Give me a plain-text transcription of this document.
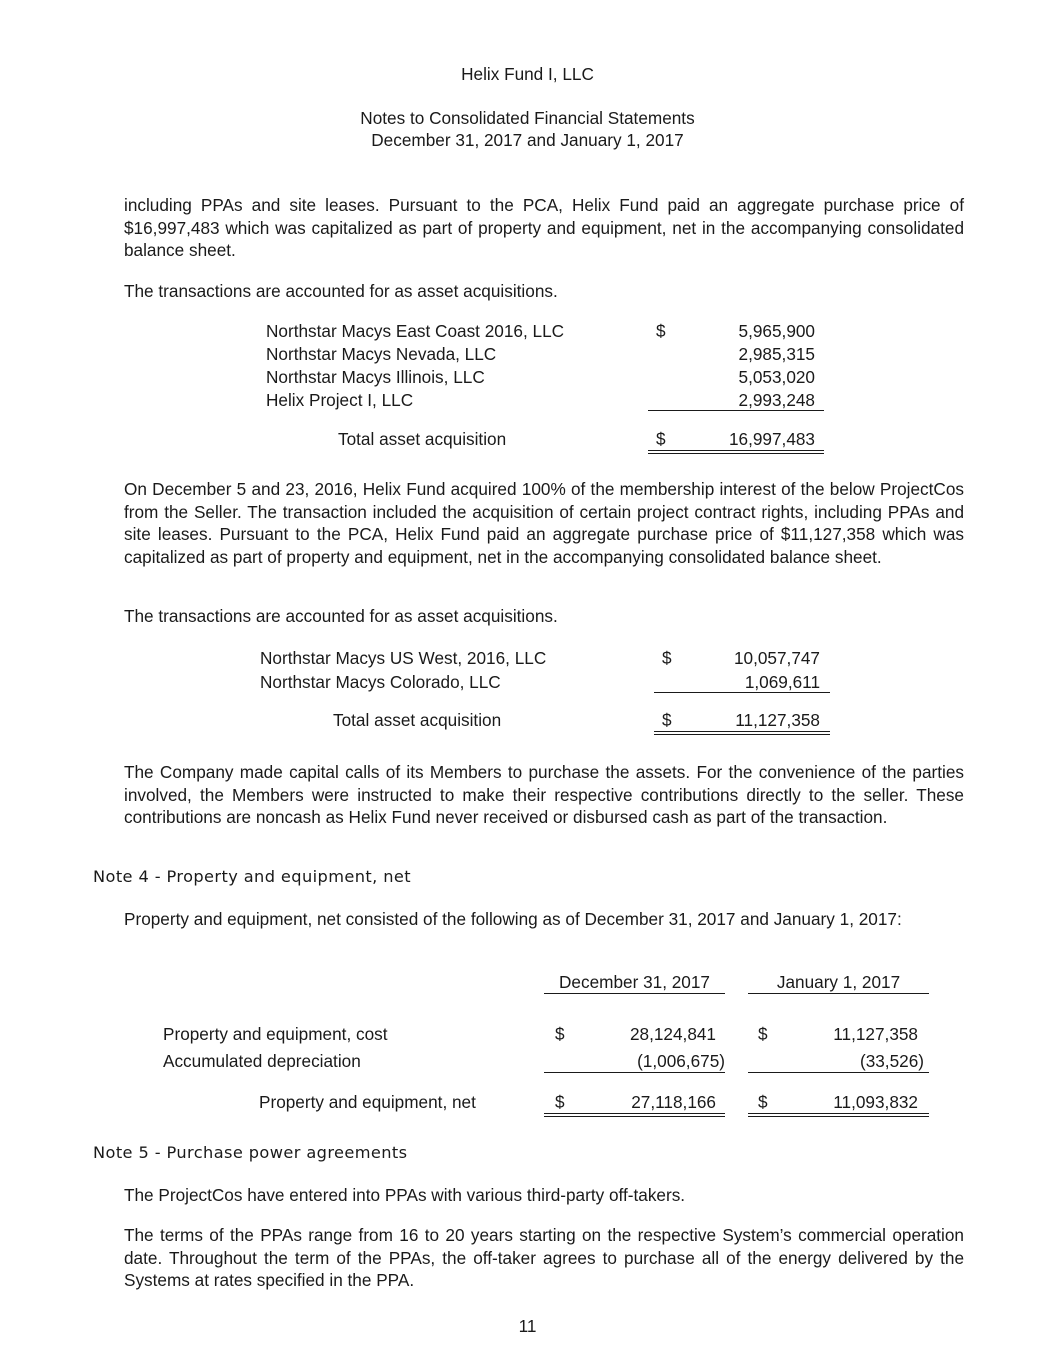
Helix Fund I, LLC
Notes to Consolidated Financial Statements
December 31, 2017 and January 1, 2017
including PPAs and site leases. Pursuant to the PCA, Helix Fund paid an aggregate purchase price of $16,997,483 which was capitalized as part of property and equipment, net in the accompanying consolidated balance sheet.
The transactions are accounted for as asset acquisitions.
Northstar Macys East Coast 2016, LLC	$	5,965,900
Northstar Macys Nevada, LLC	2,985,315
Northstar Macys Illinois, LLC	5,053,020
Helix Project I, LLC	2,993,248
Total asset acquisition	$	16,997,483
On December 5 and 23, 2016, Helix Fund acquired 100% of the membership interest of the below ProjectCos from the Seller. The transaction included the acquisition of certain project contract rights, including PPAs and site leases. Pursuant to the PCA, Helix Fund paid an aggregate purchase price of $11,127,358 which was capitalized as part of property and equipment, net in the accompanying consolidated balance sheet.
The transactions are accounted for as asset acquisitions.
Northstar Macys US West, 2016, LLC	$	10,057,747
Northstar Macys Colorado, LLC	1,069,611
Total asset acquisition	$	11,127,358
The Company made capital calls of its Members to purchase the assets. For the convenience of the parties involved, the Members were instructed to make their respective contributions directly to the seller. These contributions are noncash as Helix Fund never received or disbursed cash as part of the transaction.
Note 4 - Property and equipment, net
Property and equipment, net consisted of the following as of December 31, 2017 and January 1, 2017:
December 31, 2017	January 1, 2017
Property and equipment, cost	$	28,124,841 $	11,127,358
Accumulated depreciation	(1,006,675)	(33,526)
Property and equipment, net	$	27,118,166 $	11,093,832
Note 5 - Purchase power agreements
The ProjectCos have entered into PPAs with various third-party off-takers.
The terms of the PPAs range from 16 to 20 years starting on the respective System’s commercial operation date. Throughout the term of the PPAs, the off-taker agrees to purchase all of the energy delivered by the Systems at rates specified in the PPA.
11
